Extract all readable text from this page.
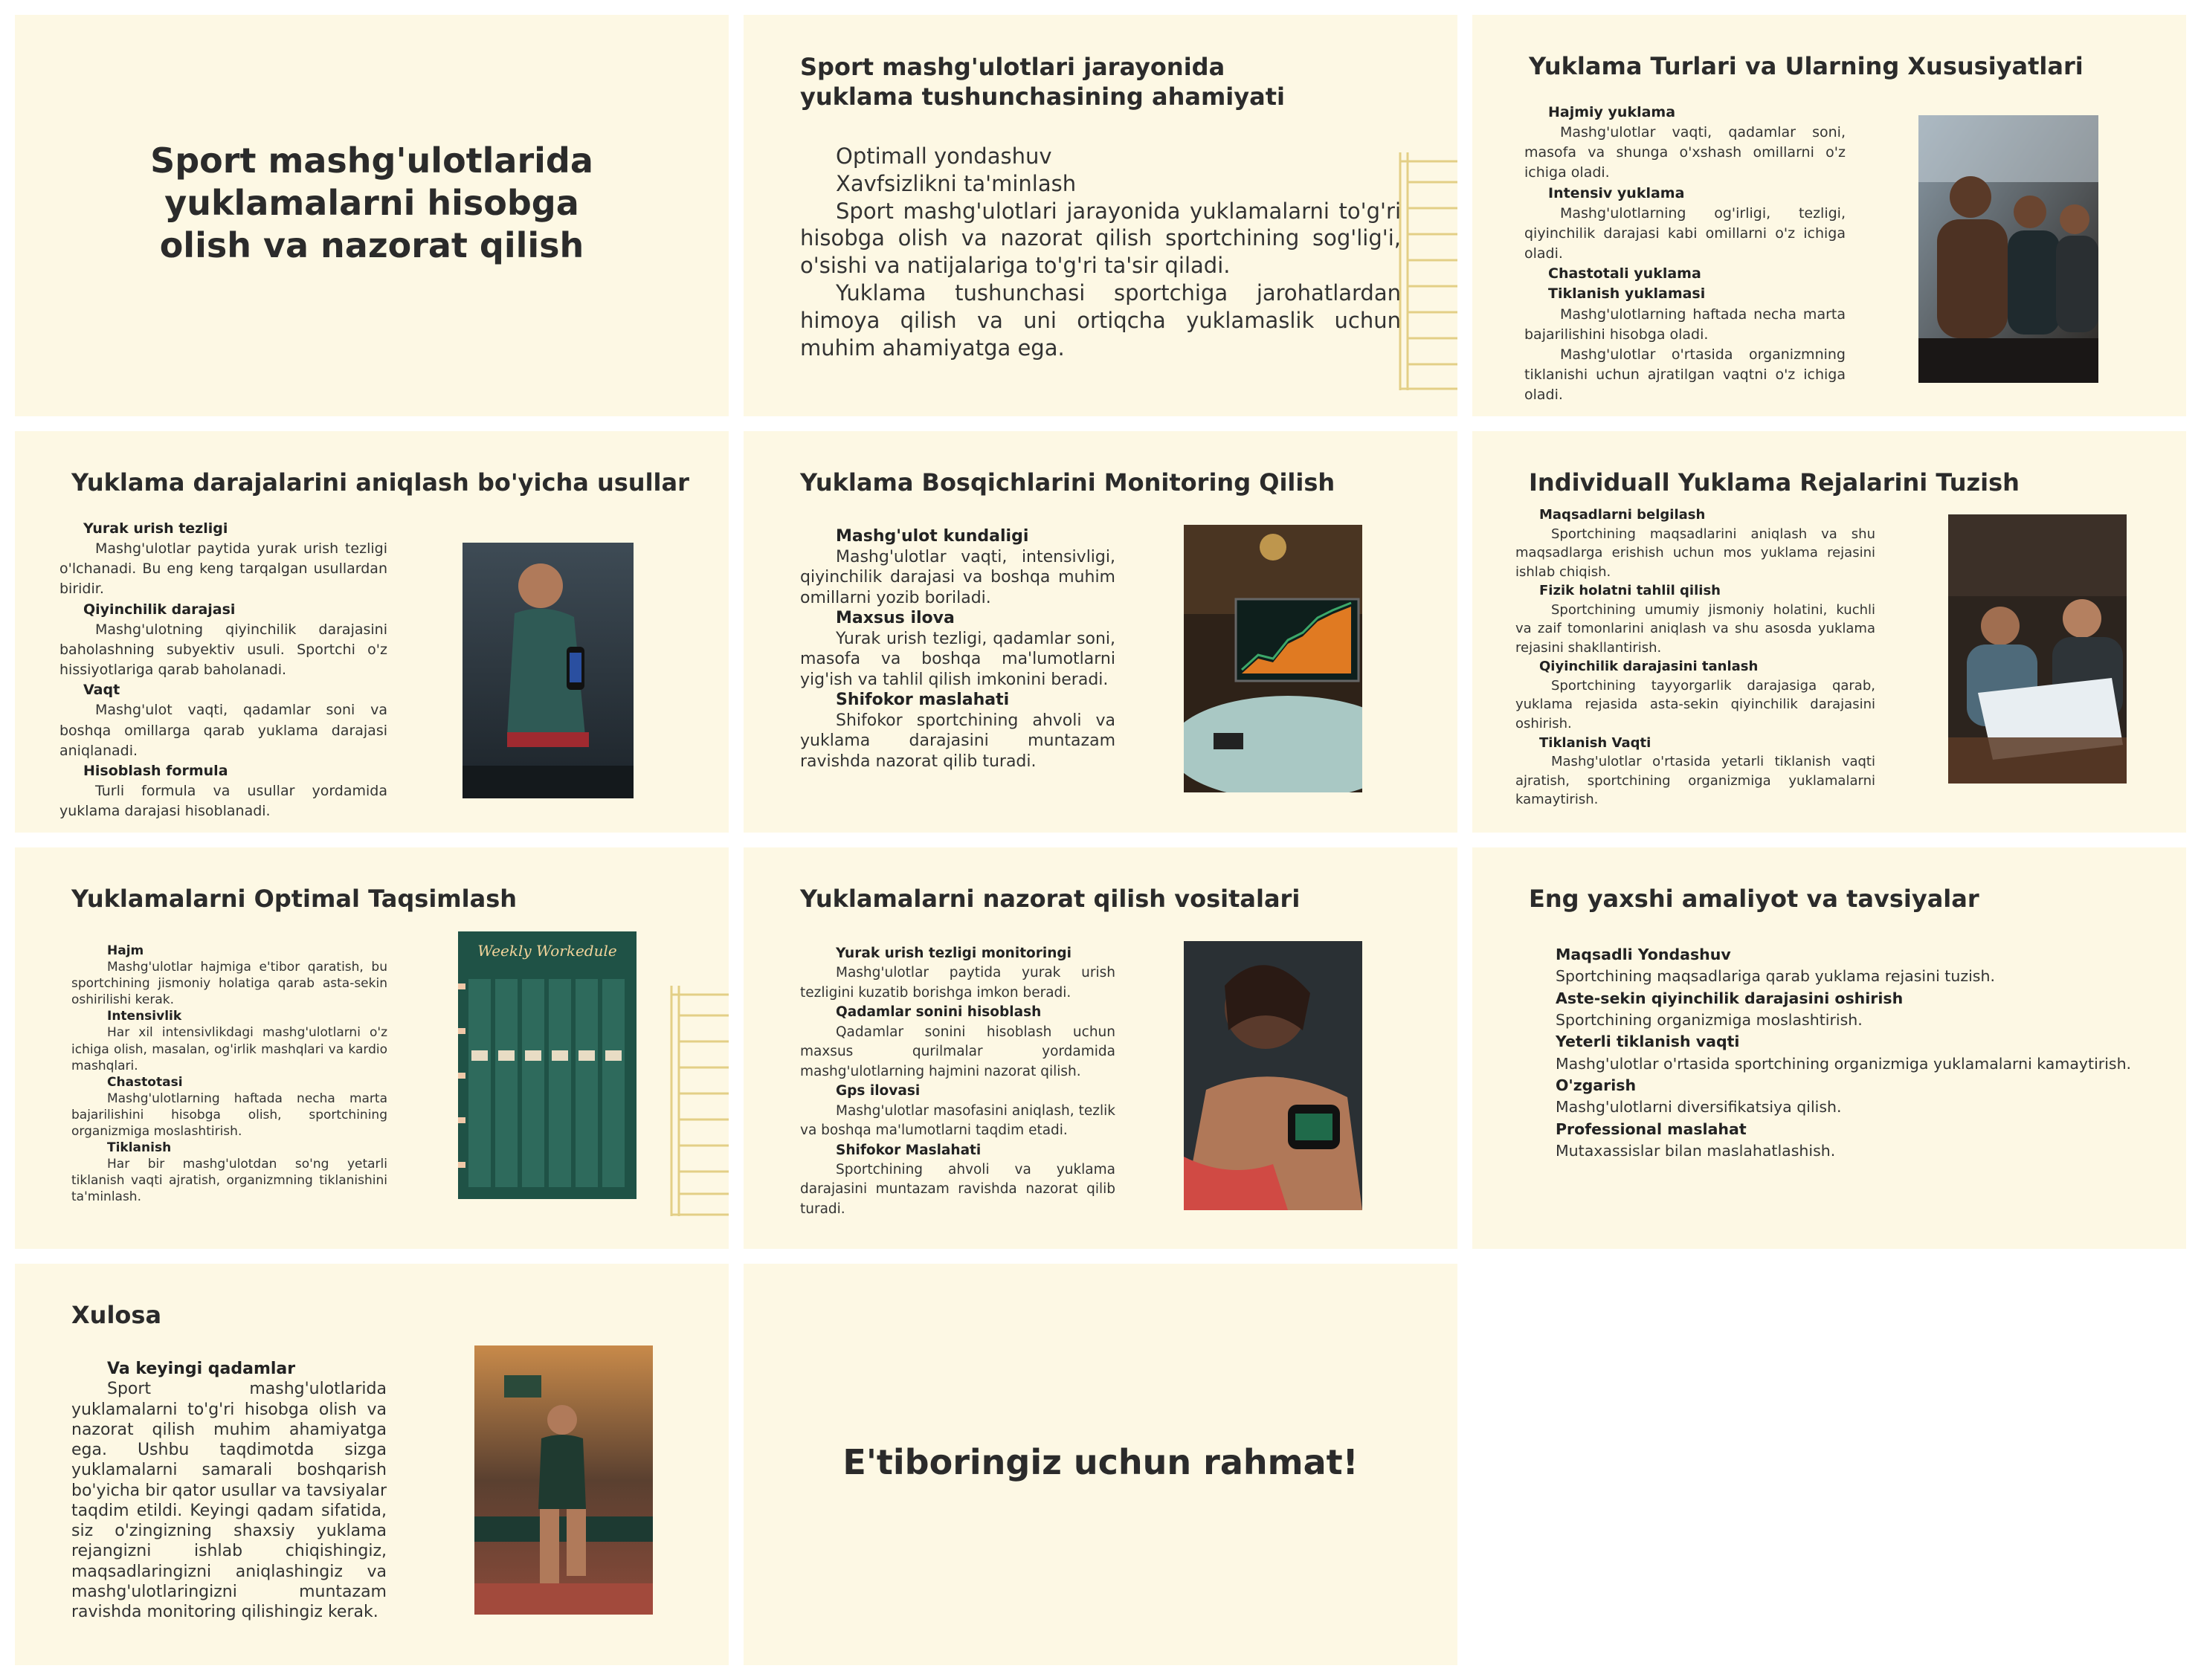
Sport mashg'ulotlarida yuklamalarni hisobga olish va nazorat qilish
Sport mashg'ulotlari jarayonida yuklama tushunchasining ahamiyati

Optimall yondashuv

Xavfsizlikni ta'minlash

Sport mashg'ulotlari jarayonida yuklamalarni to'g'ri hisobga olish va nazorat qilish sportchining sog'lig'i, o'sishi va natijalariga to'g'ri ta'sir qiladi.

Yuklama tushunchasi sportchiga jarohatlardan himoya qilish va uni ortiqcha yuklamaslik uchun muhim ahamiyatga ega.

Yuklama Turlari va Ularning Xususiyatlari

Hajmiy yuklama

Mashg'ulotlar vaqti, qadamlar soni, masofa va shunga o'xshash omillarni o'z ichiga oladi.

Intensiv yuklama

Mashg'ulotlarning og'irligi, tezligi, qiyinchilik darajasi kabi omillarni o'z ichiga oladi.

Chastotali yuklama

Tiklanish yuklamasi

Mashg'ulotlarning haftada necha marta bajarilishini hisobga oladi.

Mashg'ulotlar o'rtasida organizmning tiklanishi uchun ajratilgan vaqtni o'z ichiga oladi.

Yuklama darajalarini aniqlash bo'yicha usullar

Yurak urish tezligi

Mashg'ulotlar paytida yurak urish tezligi o'lchanadi. Bu eng keng tarqalgan usullardan biridir.

Qiyinchilik darajasi

Mashg'ulotning qiyinchilik darajasini baholashning subyektiv usuli. Sportchi o'z hissiyotlariga qarab baholanadi.

Vaqt

Mashg'ulot vaqti, qadamlar soni va boshqa omillarga qarab yuklama darajasi aniqlanadi.

Hisoblash formula

Turli formula va usullar yordamida yuklama darajasi hisoblanadi.

Yuklama Bosqichlarini Monitoring Qilish

Mashg'ulot kundaligi

Mashg'ulotlar vaqti, intensivligi, qiyinchilik darajasi va boshqa muhim omillarni yozib boriladi.

Maxsus ilova

Yurak urish tezligi, qadamlar soni, masofa va boshqa ma'lumotlarni yig'ish va tahlil qilish imkonini beradi.

Shifokor maslahati

Shifokor sportchining ahvoli va yuklama darajasini muntazam ravishda nazorat qilib turadi.

Individuall Yuklama Rejalarini Tuzish

Maqsadlarni belgilash

Sportchining maqsadlarini aniqlash va shu maqsadlarga erishish uchun mos yuklama rejasini ishlab chiqish.

Fizik holatni tahlil qilish

Sportchining umumiy jismoniy holatini, kuchli va zaif tomonlarini aniqlash va shu asosda yuklama rejasini shakllantirish.

Qiyinchilik darajasini tanlash

Sportchining tayyorgarlik darajasiga qarab, yuklama rejasida asta-sekin qiyinchilik darajasini oshirish.

Tiklanish Vaqti

Mashg'ulotlar o'rtasida yetarli tiklanish vaqti ajratish, sportchining organizmiga yuklamalarni kamaytirish.

Yuklamalarni Optimal Taqsimlash

Hajm

Mashg'ulotlar hajmiga e'tibor qaratish, bu sportchining jismoniy holatiga qarab asta-sekin oshirilishi kerak.

Intensivlik

Har xil intensivlikdagi mashg'ulotlarni o'z ichiga olish, masalan, og'irlik mashqlari va kardio mashqlari.

Chastotasi

Mashg'ulotlarning haftada necha marta bajarilishini hisobga olish, sportchining organizmiga moslashtirish.

Tiklanish

Har bir mashg'ulotdan so'ng yetarli tiklanish vaqti ajratish, organizmning tiklanishini ta'minlash.

Weekly Workedule
Yuklamalarni nazorat qilish vositalari

Yurak urish tezligi monitoringi

Mashg'ulotlar paytida yurak urish tezligini kuzatib borishga imkon beradi.

Qadamlar sonini hisoblash

Qadamlar sonini hisoblash uchun maxsus qurilmalar yordamida mashg'ulotlarning hajmini nazorat qilish.

Gps ilovasi

Mashg'ulotlar masofasini aniqlash, tezlik va boshqa ma'lumotlarni taqdim etadi.

Shifokor Maslahati

Sportchining ahvoli va yuklama darajasini muntazam ravishda nazorat qilib turadi.

Eng yaxshi amaliyot va tavsiyalar

Maqsadli Yondashuv

Sportchining maqsadlariga qarab yuklama rejasini tuzish.

Aste-sekin qiyinchilik darajasini oshirish

Sportchining organizmiga moslashtirish.

Yeterli tiklanish vaqti

Mashg'ulotlar o'rtasida sportchining organizmiga yuklamalarni kamaytirish.

O'zgarish

Mashg'ulotlarni diversifikatsiya qilish.

Professional maslahat

Mutaxassislar bilan maslahatlashish.

Xulosa

Va keyingi qadamlar

Sport mashg'ulotlarida yuklamalarni to'g'ri hisobga olish va nazorat qilish muhim ahamiyatga ega. Ushbu taqdimotda sizga yuklamalarni samarali boshqarish bo'yicha bir qator usullar va tavsiyalar taqdim etildi. Keyingi qadam sifatida, siz o'zingizning shaxsiy yuklama rejangizni ishlab chiqishingiz, maqsadlaringizni aniqlashingiz va mashg'ulotlaringizni muntazam ravishda monitoring qilishingiz kerak.

E'tiboringiz uchun rahmat!
